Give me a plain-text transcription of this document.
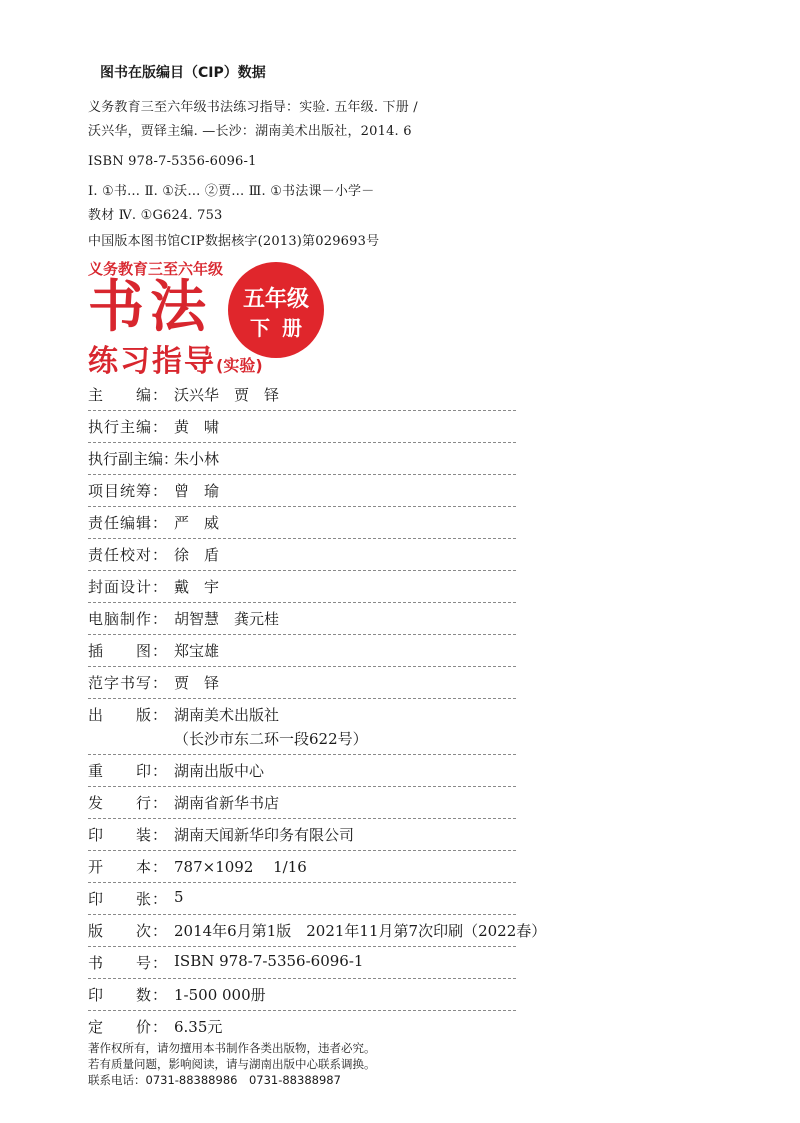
图书在版编目（CIP）数据
义务教育三至六年级书法练习指导：实验. 五年级. 下册 /
沃兴华，贾铎主编. —长沙：湖南美术出版社，2014. 6
ISBN 978-7-5356-6096-1
Ⅰ. ①书… Ⅱ. ①沃… ②贾… Ⅲ. ①书法课－小学－
教材 Ⅳ. ①G624. 753
中国版本图书馆CIP数据核字(2013)第029693号
义务教育三至六年级
书法
练习指导(实验)
五年级
下册
主　　编： 沃兴华　贾　铎
执行主编： 黄　啸
执行副主编：
朱小林
项目统筹： 曾　瑜
责任编辑： 严　威
责任校对： 徐　盾
封面设计： 戴　宇
电脑制作： 胡智慧　龚元桂
插　　图： 郑宝雄
范字书写： 贾　铎
出　　版： 湖南美术出版社
（长沙市东二环一段622号）
重　　印： 湖南出版中心
发　　行： 湖南省新华书店
印　　装： 湖南天闻新华印务有限公司
开　　本： 787×1092　 1/16
印　　张： 5
版　　次： 2014年6月第1版　2021年11月第7次印刷（2022春）
书　　号： ISBN 978-7-5356-6096-1
印　　数： 1-500 000册
定　　价： 6.35元
著作权所有，请勿擅用本书制作各类出版物，违者必究。
若有质量问题，影响阅读，请与湖南出版中心联系调换。
联系电话：0731-88388986　0731-88388987
